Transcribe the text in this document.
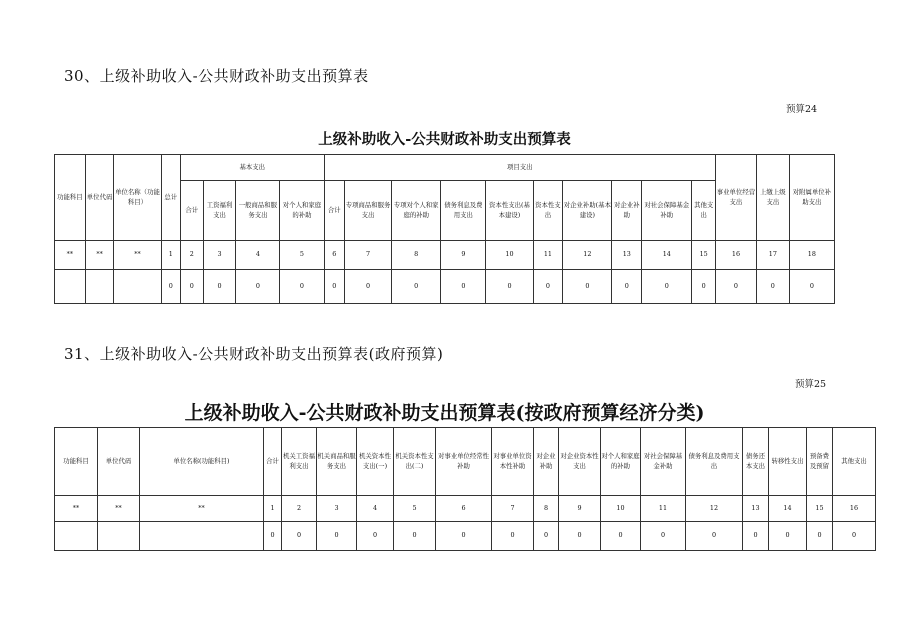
30、上级补助收入-公共财政补助支出预算表
预算24
上级补助收入-公共财政补助支出预算表
功能科目	单位代码	单位名称（功能科目）	总计	基本支出				项目支出										事业单位经营支出	上缴上级支出	对附属单位补助支出
				合计	工资福利支出	一般商品和服务支出	对个人和家庭的补助	合计	专项商品和服务支出	专项对个人和家庭的补助	债务利息及费用支出	资本性支出(基本建设)	资本性支出	对企业补助(基本建设)	对企业补助	对社会保障基金补助	其他支出			
**	**	**	1	2	3	4	5	6	7	8	9	10	11	12	13	14	15	16	17	18
			0	0	0	0	0	0	0	0	0	0	0	0	0	0	0	0	0	0
31、上级补助收入-公共财政补助支出预算表(政府预算)
预算25
上级补助收入-公共财政补助支出预算表(按政府预算经济分类)
功能科目	单位代码	单位名称(功能科目)	合计	机关工资福利支出	机关商品和服务支出	机关资本性支出(一)	机关资本性支出(二)	对事业单位经常性补助	对事业单位资本性补助	对企业补助	对企业资本性支出	对个人和家庭的补助	对社会保障基金补助	债务利息及费用支出	债务还本支出	转移性支出	预备费及预留	其他支出
**	**	**	1	2	3	4	5	6	7	8	9	10	11	12	13	14	15	16
			0	0	0	0	0	0	0	0	0	0	0	0	0	0	0	0
